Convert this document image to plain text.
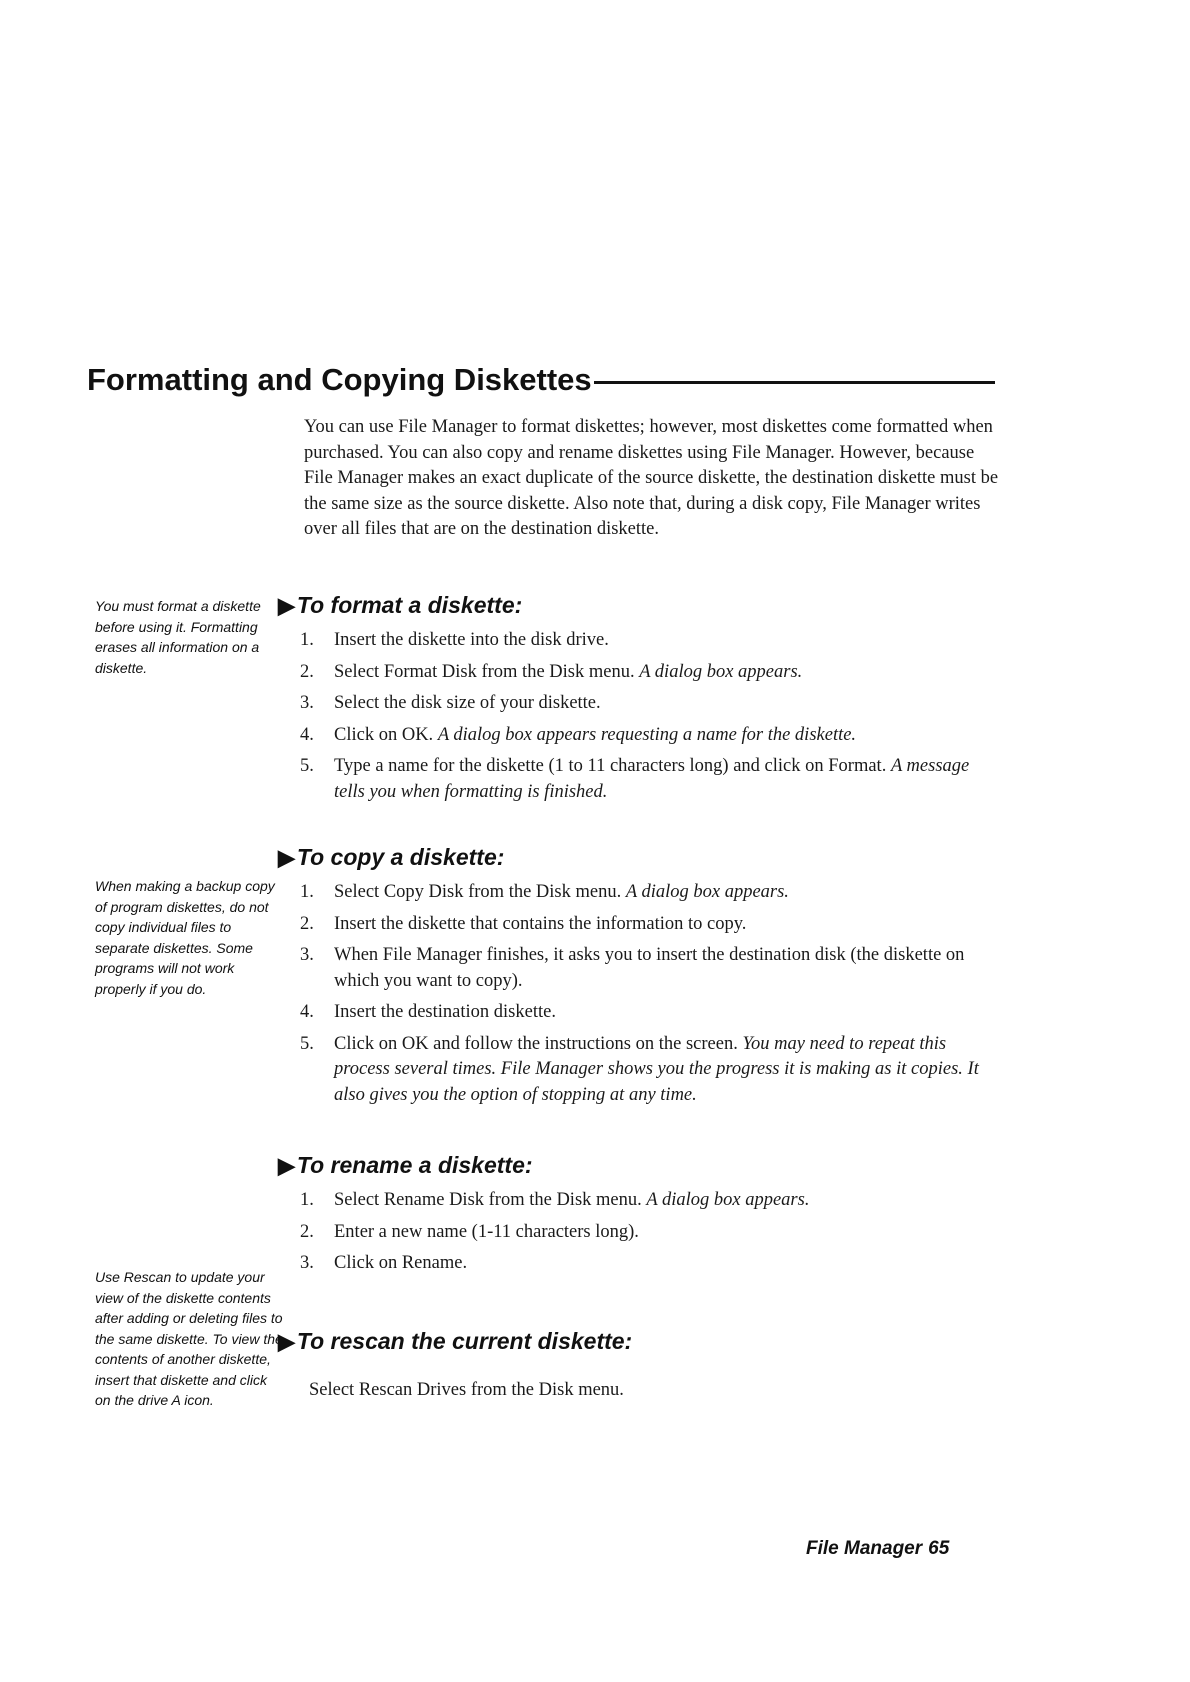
Formatting and Copying Diskettes

You can use File Manager to format diskettes; however, most diskettes come formatted when purchased. You can also copy and rename diskettes using File Manager. However, because File Manager makes an exact duplicate of the source diskette, the destination diskette must be the same size as the source diskette. Also note that, during a disk copy, File Manager writes over all files that are on the destination diskette.

You must format a diskette before using it. Formatting erases all information on a diskette.

When making a backup copy of program diskettes, do not copy individual files to separate diskettes. Some programs will not work properly if you do.

Use Rescan to update your view of the diskette contents after adding or deleting files to the same diskette. To view the contents of another diskette, insert that diskette and click on the drive A icon.

▶ To format a diskette:
1.	Insert the diskette into the disk drive.
2.	Select Format Disk from the Disk menu. A dialog box appears.
3.	Select the disk size of your diskette.
4.	Click on OK. A dialog box appears requesting a name for the diskette.
5.	Type a name for the diskette (1 to 11 characters long) and click on Format. A message tells you when formatting is finished.
▶ To copy a diskette:
1.	Select Copy Disk from the Disk menu. A dialog box appears.
2.	Insert the diskette that contains the information to copy.
3.	When File Manager finishes, it asks you to insert the destination disk (the diskette on which you want to copy).
4.	Insert the destination diskette.
5.	Click on OK and follow the instructions on the screen. You may need to repeat this process several times. File Manager shows you the progress it is making as it copies. It also gives you the option of stopping at any time.
▶ To rename a diskette:
1.	Select Rename Disk from the Disk menu. A dialog box appears.
2.	Enter a new name (1-11 characters long).
3.	Click on Rename.
▶ To rescan the current diskette:

Select Rescan Drives from the Disk menu.

File Manager 65
